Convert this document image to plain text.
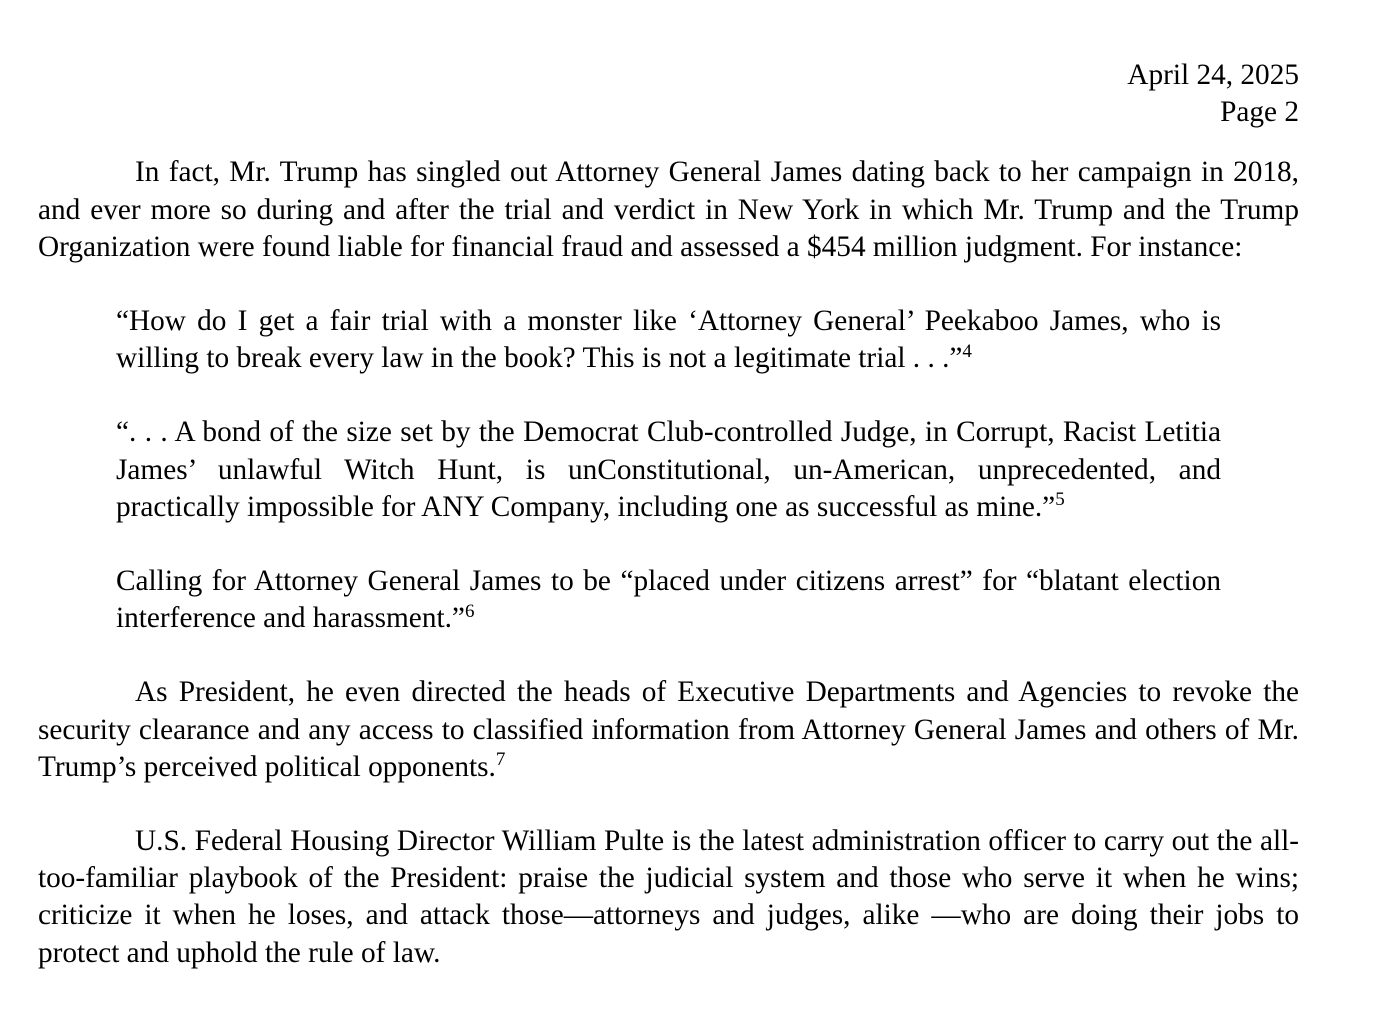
April 24, 2025
Page 2

In fact, Mr. Trump has singled out Attorney General James dating back to her campaign in 2018, and ever more so during and after the trial and verdict in New York in which Mr. Trump and the Trump Organization were found liable for financial fraud and assessed a $454 million judgment. For instance:

“How do I get a fair trial with a monster like ‘Attorney General’ Peekaboo James, who is willing to break every law in the book? This is not a legitimate trial . . .”$^4$
“. . . A bond of the size set by the Democrat Club-controlled Judge, in Corrupt, Racist Letitia James’ unlawful Witch Hunt, is unConstitutional, un-American, unprecedented, and practically impossible for ANY Company, including one as successful as mine.”$^5$
Calling for Attorney General James to be “placed under citizens arrest” for “blatant election interference and harassment.”$^6$

As President, he even directed the heads of Executive Departments and Agencies to revoke the security clearance and any access to classified information from Attorney General James and others of Mr. Trump’s perceived political opponents.$^7$

U.S. Federal Housing Director William Pulte is the latest administration officer to carry out the all-too-familiar playbook of the President: praise the judicial system and those who serve it when he wins; criticize it when he loses, and attack those—attorneys and judges, alike —who are doing their jobs to protect and uphold the rule of law.
